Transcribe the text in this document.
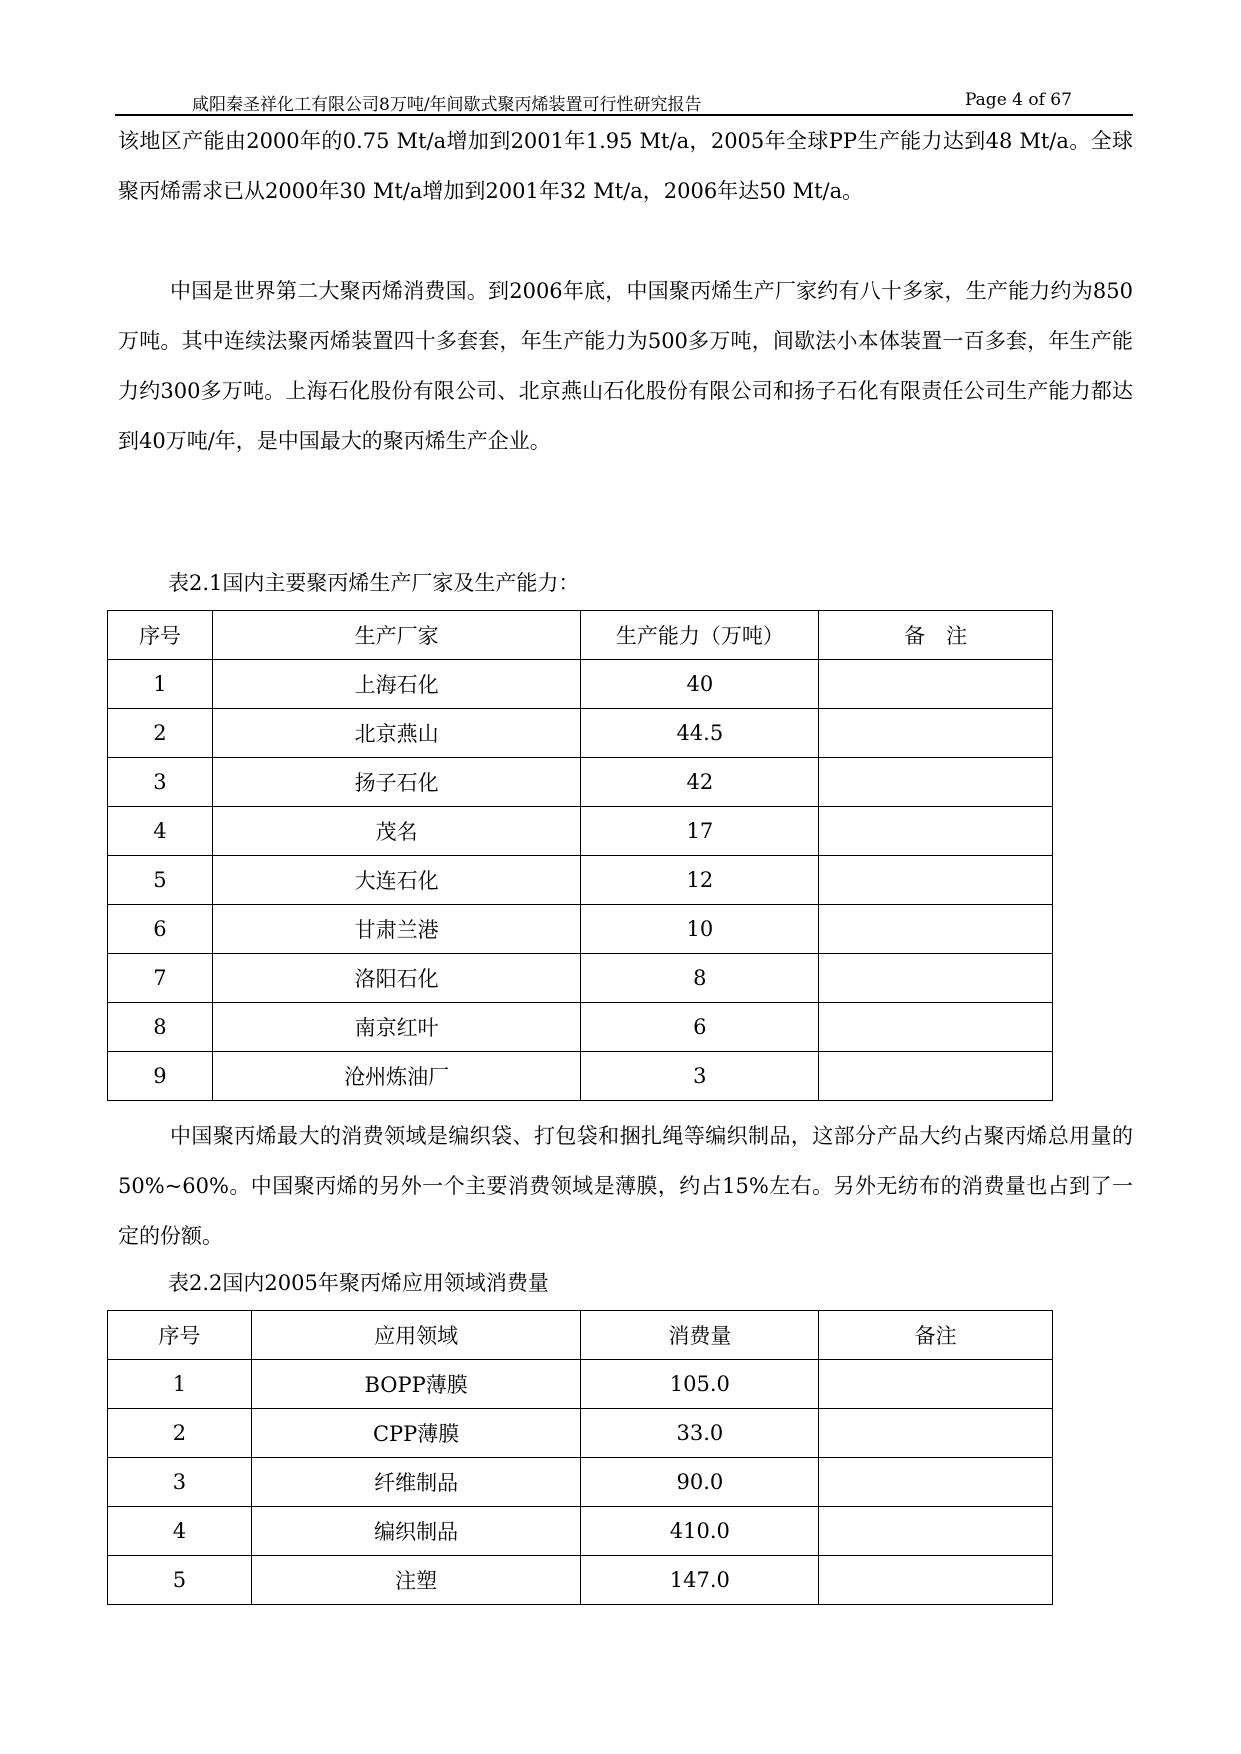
咸阳秦圣祥化工有限公司8万吨/年间歇式聚丙烯装置可行性研究报告	Page 4 of 67

该地区产能由2000年的0.75 Mt/a增加到2001年1.95 Mt/a，2005年全球PP生产能力达到48 Mt/a。全球聚丙烯需求已从2000年30 Mt/a增加到2001年32 Mt/a，2006年达50 Mt/a。

中国是世界第二大聚丙烯消费国。到2006年底，中国聚丙烯生产厂家约有八十多家，生产能力约为850万吨。其中连续法聚丙烯装置四十多套套，年生产能力为500多万吨，间歇法小本体装置一百多套，年生产能力约300多万吨。上海石化股份有限公司、北京燕山石化股份有限公司和扬子石化有限责任公司生产能力都达到40万吨/年，是中国最大的聚丙烯生产企业。

表2.1国内主要聚丙烯生产厂家及生产能力：
序号	生产厂家	生产能力（万吨）	备　注
1	上海石化	40	
2	北京燕山	44.5	
3	扬子石化	42	
4	茂名	17	
5	大连石化	12	
6	甘肃兰港	10	
7	洛阳石化	8	
8	南京红叶	6	
9	沧州炼油厂	3	

中国聚丙烯最大的消费领域是编织袋、打包袋和捆扎绳等编织制品，这部分产品大约占聚丙烯总用量的50%~60%。中国聚丙烯的另外一个主要消费领域是薄膜，约占15%左右。另外无纺布的消费量也占到了一定的份额。

表2.2国内2005年聚丙烯应用领域消费量
序号	应用领域	消费量	备注
1	BOPP薄膜	105.0	
2	CPP薄膜	33.0	
3	纤维制品	90.0	
4	编织制品	410.0	
5	注塑	147.0	
